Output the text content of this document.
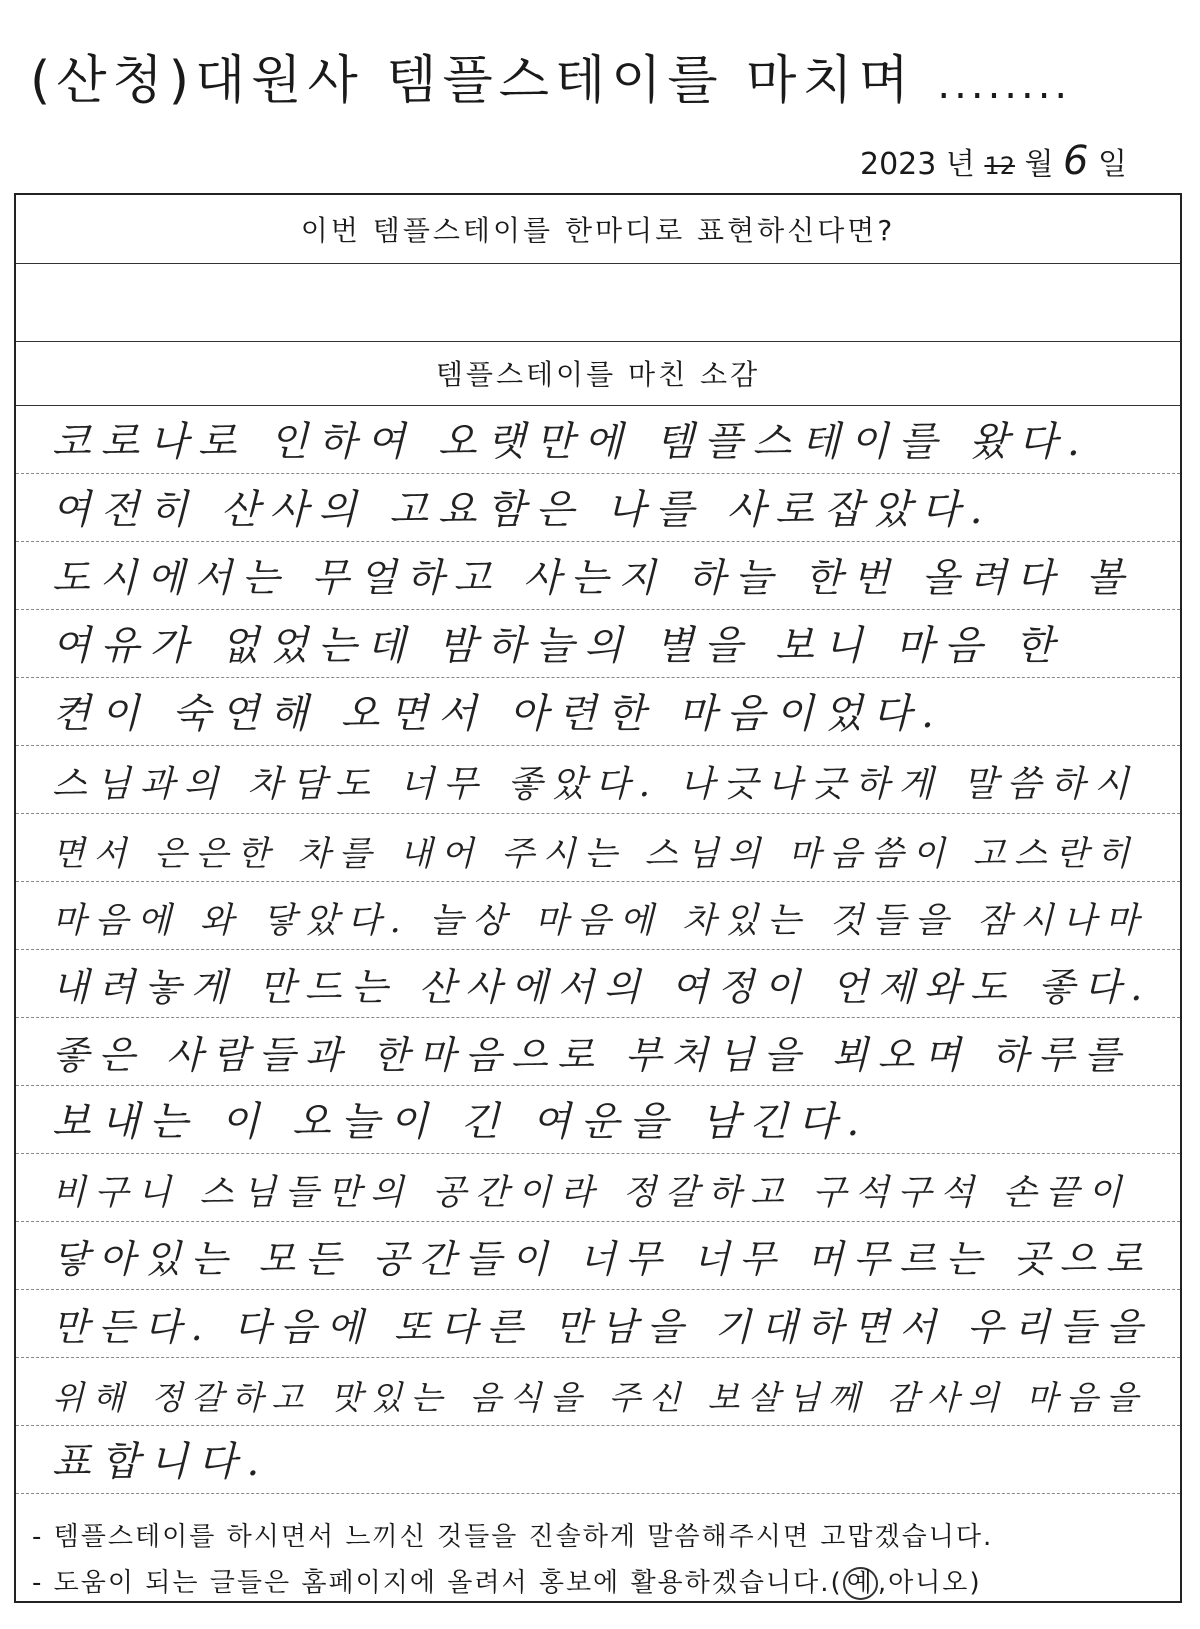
(산청)대원사 템플스테이를 마치며 ........
2023 년 12 월 6 일
이번 템플스테이를 한마디로 표현하신다면?
템플스테이를 마친 소감
코로나로 인하여 오랫만에 템플스테이를 왔다.
여전히 산사의 고요함은 나를 사로잡았다.
도시에서는 무얼하고 사는지 하늘 한번 올려다 볼
여유가 없었는데 밤하늘의 별을 보니 마음 한
켠이 숙연해 오면서 아련한 마음이었다.
스님과의 차담도 너무 좋았다. 나긋나긋하게 말씀하시
면서 은은한 차를 내어 주시는 스님의 마음씀이 고스란히
마음에 와 닿았다. 늘상 마음에 차있는 것들을 잠시나마
내려놓게 만드는 산사에서의 여정이 언제와도 좋다.
좋은 사람들과 한마음으로 부처님을 뵈오며 하루를
보내는 이 오늘이 긴 여운을 남긴다.
비구니 스님들만의 공간이라 정갈하고 구석구석 손끝이
닿아있는 모든 공간들이 너무 너무 머무르는 곳으로
만든다. 다음에 또다른 만남을 기대하면서 우리들을
위해 정갈하고 맛있는 음식을 주신 보살님께 감사의 마음을
표합니다.
- 템플스테이를 하시면서 느끼신 것들을 진솔하게 말씀해주시면 고맙겠습니다.
- 도움이 되는 글들은 홈페이지에 올려서 홍보에 활용하겠습니다.( 예 ,아니오)
